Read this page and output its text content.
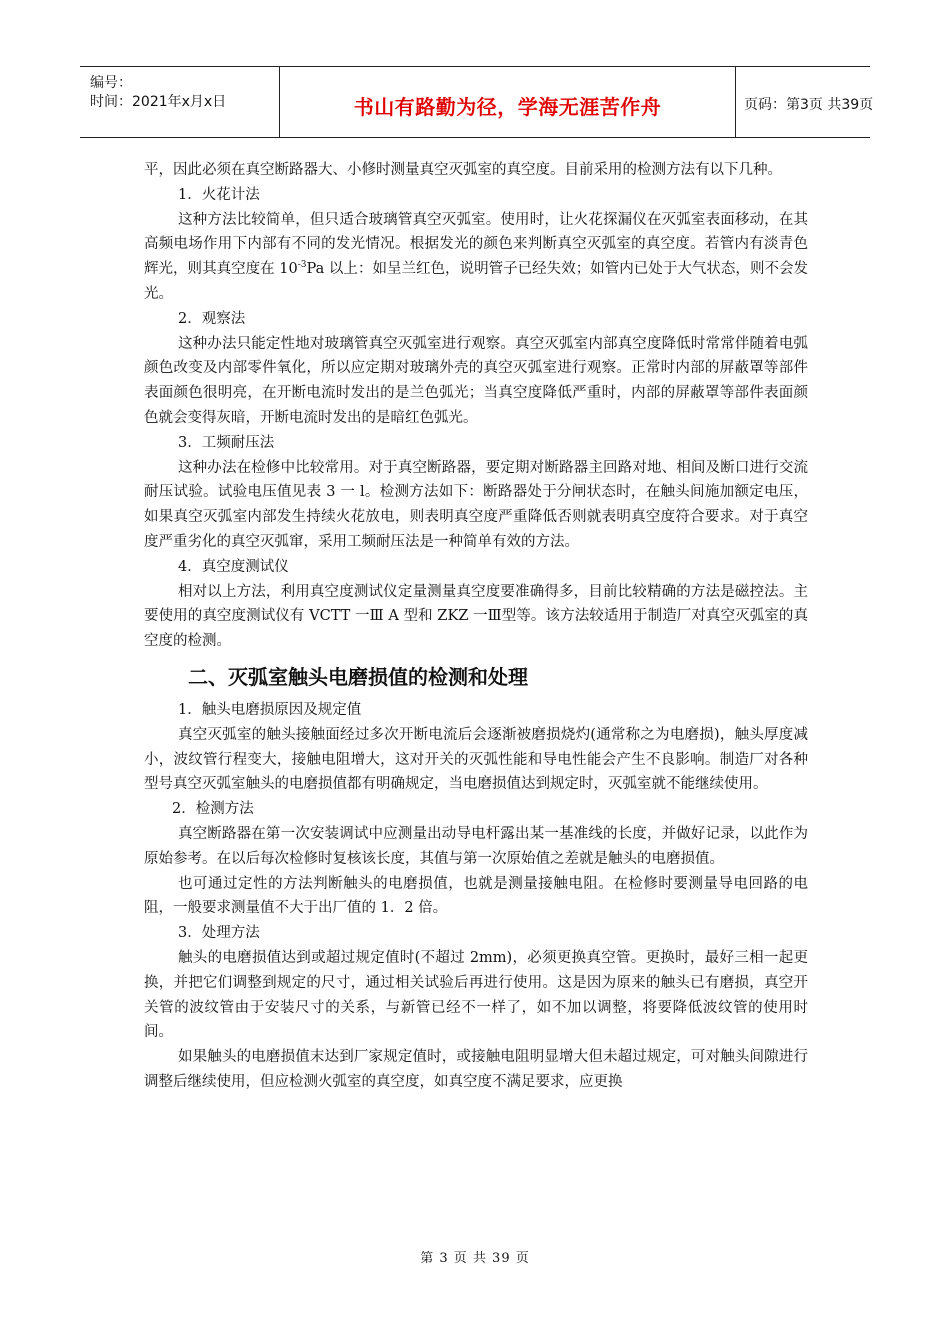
编号：
时间：2021年x月x日	书山有路勤为径，学海无涯苦作舟	页码：第3页 共39页

平，因此必须在真空断路器大、小修时测量真空灭弧室的真空度。目前采用的检测方法有以下几种。

1．火花计法

这种方法比较简单，但只适合玻璃管真空灭弧室。使用时，让火花探漏仪在灭弧室表面移动，在其高频电场作用下内部有不同的发光情况。根据发光的颜色来判断真空灭弧室的真空度。若管内有淡青色辉光，则其真空度在 $10^{-3}Pa$ 以上：如呈兰红色，说明管子已经失效；如管内已处于大气状态，则不会发光。

2．观察法

这种办法只能定性地对玻璃管真空灭弧室进行观察。真空灭弧室内部真空度降低时常常伴随着电弧颜色改变及内部零件氧化，所以应定期对玻璃外壳的真空灭弧室进行观察。正常时内部的屏蔽罩等部件表面颜色很明亮，在开断电流时发出的是兰色弧光；当真空度降低严重时，内部的屏蔽罩等部件表面颜色就会变得灰暗，开断电流时发出的是暗红色弧光。

3．工频耐压法

这种办法在检修中比较常用。对于真空断路器，要定期对断路器主回路对地、相间及断口进行交流耐压试验。试验电压值见表 3 一 l。检测方法如下：断路器处于分闸状态时，在触头间施加额定电压，如果真空灭弧室内部发生持续火花放电，则表明真空度严重降低否则就表明真空度符合要求。对于真空度严重劣化的真空灭弧窜，采用工频耐压法是一种简单有效的方法。

4．真空度测试仪

相对以上方法，利用真空度测试仪定量测量真空度要准确得多，目前比较精确的方法是磁控法。主要使用的真空度测试仪有 VCTT 一Ⅲ A 型和 ZKZ 一Ⅲ型等。该方法较适用于制造厂对真空灭弧室的真空度的检测。

二、灭弧室触头电磨损值的检测和处理

1．触头电磨损原因及规定值

真空灭弧室的触头接触面经过多次开断电流后会逐渐被磨损烧灼(通常称之为电磨损)，触头厚度减小，波纹管行程变大，接触电阻增大，这对开关的灭弧性能和导电性能会产生不良影响。制造厂对各种型号真空灭弧室触头的电磨损值都有明确规定，当电磨损值达到规定时，灭弧室就不能继续使用。

2．检测方法

真空断路器在第一次安装调试中应测量出动导电杆露出某一基准线的长度，并做好记录，以此作为原始参考。在以后每次检修时复核该长度，其值与第一次原始值之差就是触头的电磨损值。

也可通过定性的方法判断触头的电磨损值，也就是测量接触电阻。在检修时要测量导电回路的电阻，一般要求测量值不大于出厂值的 1．2 倍。

3．处理方法

触头的电磨损值达到或超过规定值时(不超过 2mm)，必须更换真空管。更换时，最好三相一起更换，并把它们调整到规定的尺寸，通过相关试验后再进行使用。这是因为原来的触头已有磨损，真空开关管的波纹管由于安装尺寸的关系，与新管已经不一样了，如不加以调整，将要降低波纹管的使用时间。

如果触头的电磨损值末达到厂家规定值时，或接触电阻明显增大但未超过规定，可对触头间隙进行调整后继续使用，但应检测火弧室的真空度，如真空度不满足要求，应更换

第 3 页 共 39 页
